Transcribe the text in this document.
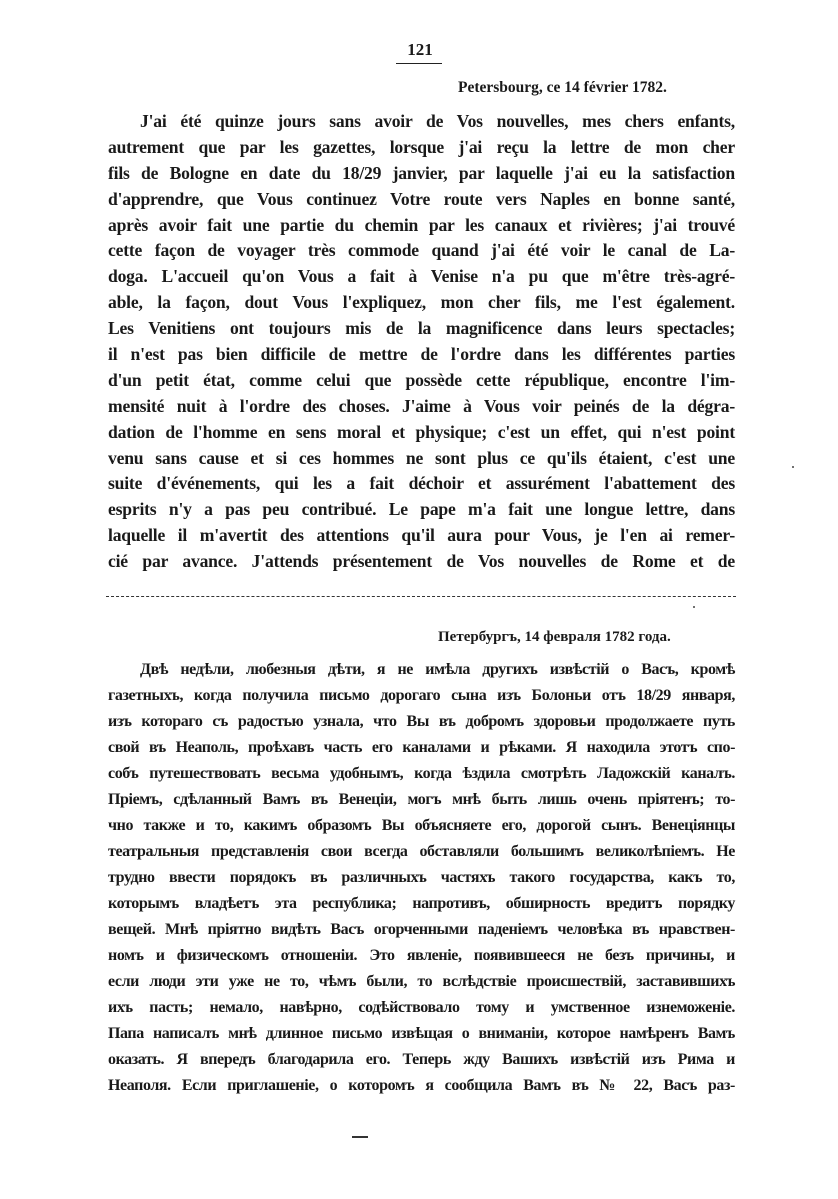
121
Petersbourg, ce 14 février 1782.
J'ai été quinze jours sans avoir de Vos nouvelles, mes chers enfants,
autrement que par les gazettes, lorsque j'ai reçu la lettre de mon cher
fils de Bologne en date du 18/29 janvier, par laquelle j'ai eu la satisfaction
d'apprendre, que Vous continuez Votre route vers Naples en bonne santé,
après avoir fait une partie du chemin par les canaux et rivières; j'ai trouvé
cette façon de voyager très commode quand j'ai été voir le canal de La-
doga. L'accueil qu'on Vous a fait à Venise n'a pu que m'être très-agré-
able, la façon, dout Vous l'expliquez, mon cher fils, me l'est également.
Les Venitiens ont toujours mis de la magnificence dans leurs spectacles;
il n'est pas bien difficile de mettre de l'ordre dans les différentes parties
d'un petit état, comme celui que possède cette république, encontre l'im-
mensité nuit à l'ordre des choses. J'aime à Vous voir peinés de la dégra-
dation de l'homme en sens moral et physique; c'est un effet, qui n'est point
venu sans cause et si ces hommes ne sont plus ce qu'ils étaient, c'est une
suite d'événements, qui les a fait déchoir et assurément l'abattement des
esprits n'y a pas peu contribué. Le pape m'a fait une longue lettre, dans
laquelle il m'avertit des attentions qu'il aura pour Vous, je l'en ai remer-
cié par avance. J'attends présentement de Vos nouvelles de Rome et de
Петербургъ, 14 февраля 1782 года.
Двѣ недѣли, любезныя дѣти, я не имѣла другихъ извѣстій о Васъ, кромѣ
газетныхъ, когда получила письмо дорогаго сына изъ Болоньи отъ 18/29 января,
изъ котораго съ радостью узнала, что Вы въ добромъ здоровьи продолжаете путь
свой въ Неаполь, проѣхавъ часть его каналами и рѣками. Я находила этотъ спо-
собъ путешествовать весьма удобнымъ, когда ѣздила смотрѣть Ладожскій каналъ.
Пріемъ, сдѣланный Вамъ въ Венеціи, могъ мнѣ быть лишь очень пріятенъ; то-
чно также и то, какимъ образомъ Вы объясняете его, дорогой сынъ. Венеціянцы
театральныя представленія свои всегда обставляли большимъ великолѣпіемъ. Не
трудно ввести порядокъ въ различныхъ частяхъ такого государства, какъ то,
которымъ владѣетъ эта республика; напротивъ, обширность вредитъ порядку
вещей. Мнѣ пріятно видѣть Васъ огорченными паденіемъ человѣка въ нравствен-
номъ и физическомъ отношеніи. Это явленіе, появившееся не безъ причины, и
если люди эти уже не то, чѣмъ были, то вслѣдствіе происшествій, заставившихъ
ихъ пасть; немало, навѣрно, содѣйствовало тому и умственное изнеможеніе.
Папа написалъ мнѣ длинное письмо извѣщая о вниманіи, которое намѣренъ Вамъ
оказать. Я впередъ благодарила его. Теперь жду Вашихъ извѣстій изъ Рима и
Неаполя. Если приглашеніе, о которомъ я сообщила Вамъ въ № 22, Васъ раз-
